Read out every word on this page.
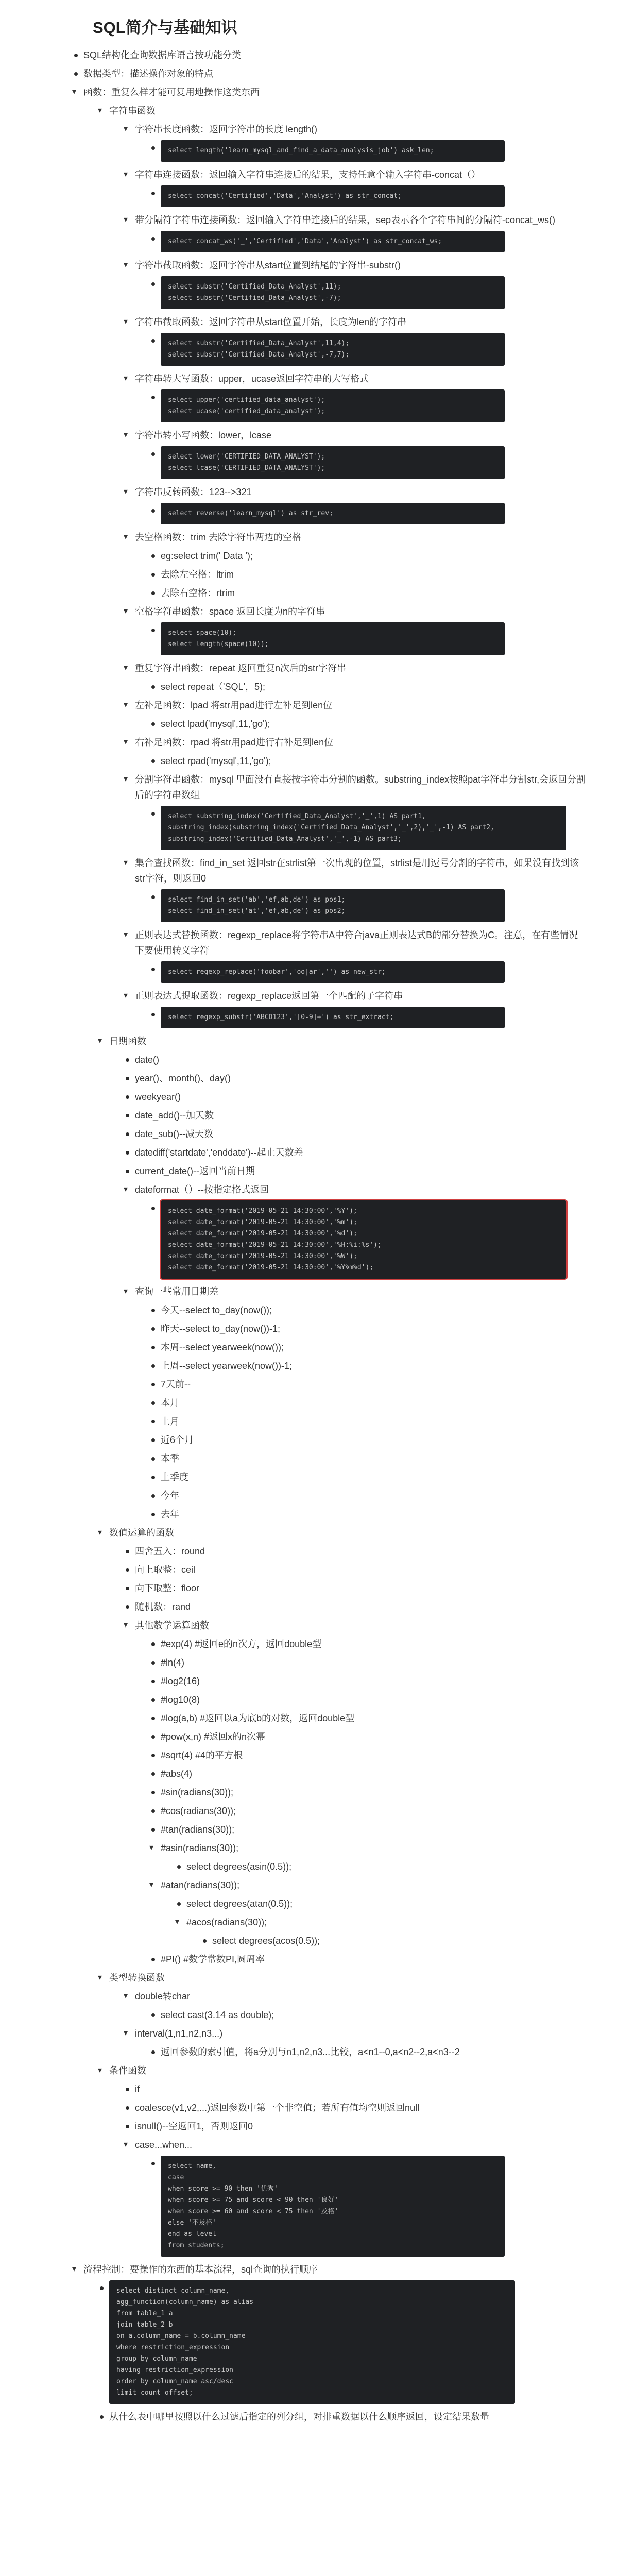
SQL简介与基础知识
SQL结构化查询数据库语言按功能分类
数据类型：描述操作对象的特点
▾ 函数：重复么样才能可复用地操作这类东西
▾ 字符串函数
▾ 字符串长度函数：返回字符串的长度 length()
select length('learn_mysql_and_find_a_data_analysis_job') ask_len;
▾ 字符串连接函数：返回输入字符串连接后的结果，支持任意个输入字符串-concat（）
select concat('Certified','Data','Analyst') as str_concat;
▾ 带分隔符字符串连接函数：返回输入字符串连接后的结果，sep表示各个字符串间的分隔符-concat_ws()
select concat_ws('_','Certified','Data','Analyst') as str_concat_ws;
▾ 字符串截取函数：返回字符串从start位置到结尾的字符串-substr()
select substr('Certified_Data_Analyst',11);
select substr('Certified_Data_Analyst',-7);
▾ 字符串截取函数：返回字符串从start位置开始，长度为len的字符串
select substr('Certified_Data_Analyst',11,4);
select substr('Certified_Data_Analyst',-7,7);
▾ 字符串转大写函数：upper，ucase返回字符串的大写格式
select upper('certified_data_analyst');
select ucase('certified_data_analyst');
▾ 字符串转小写函数：lower，lcase
select lower('CERTIFIED_DATA_ANALYST');
select lcase('CERTIFIED_DATA_ANALYST');
▾ 字符串反转函数：123-->321
select reverse('learn_mysql') as str_rev;
▾ 去空格函数：trim 去除字符串两边的空格
eg:select trim(' Data ');
去除左空格：ltrim
去除右空格：rtrim
▾ 空格字符串函数：space 返回长度为n的字符串
select space(10);
select length(space(10));
▾ 重复字符串函数：repeat 返回重复n次后的str字符串
select repeat（'SQL'，5);
▾ 左补足函数：lpad 将str用pad进行左补足到len位
select lpad('mysql',11,'go');
▾ 右补足函数：rpad 将str用pad进行右补足到len位
select rpad('mysql',11,'go');
▾ 分割字符串函数：mysql 里面没有直接按字符串分割的函数。substring_index按照pat字符串分割str,会返回分割后的字符串数组
select substring_index('Certified_Data_Analyst','_',1) AS part1,
substring_index(substring_index('Certified_Data_Analyst','_',2),'_',-1) AS part2,
substring_index('Certified_Data_Analyst','_',-1) AS part3;
▾ 集合查找函数：find_in_set 返回str在strlist第一次出现的位置，strlist是用逗号分割的字符串，如果没有找到该str字符，则返回0
select find_in_set('ab','ef,ab,de') as pos1;
select find_in_set('at','ef,ab,de') as pos2;
▾ 正则表达式替换函数：regexp_replace将字符串A中符合java正则表达式B的部分替换为C。注意，在有些情况下要使用转义字符
select regexp_replace('foobar','oo|ar','') as new_str;
▾ 正则表达式提取函数：regexp_replace返回第一个匹配的子字符串
select regexp_substr('ABCD123','[0-9]+') as str_extract;
▾ 日期函数
date()
year()、month()、day()
weekyear()
date_add()--加天数
date_sub()--减天数
datediff('startdate','enddate')--起止天数差
current_date()--返回当前日期
▾ dateformat（）--按指定格式返回
select date_format('2019-05-21 14:30:00','%Y');
select date_format('2019-05-21 14:30:00','%m');
select date_format('2019-05-21 14:30:00','%d');
select date_format('2019-05-21 14:30:00','%H:%i:%s');
select date_format('2019-05-21 14:30:00','%W');
select date_format('2019-05-21 14:30:00','%Y%m%d');
▾ 查询一些常用日期差
今天--select to_day(now());
昨天--select to_day(now())-1;
本周--select yearweek(now());
上周--select yearweek(now())-1;
7天前--
本月
上月
近6个月
本季
上季度
今年
去年
▾ 数值运算的函数
四舍五入：round
向上取整：ceil
向下取整：floor
随机数：rand
▾ 其他数学运算函数
#exp(4) #返回e的n次方，返回double型
#ln(4)
#log2(16)
#log10(8)
#log(a,b) #返回以a为底b的对数，返回double型
#pow(x,n) #返回x的n次幂
#sqrt(4) #4的平方根
#abs(4)
#sin(radians(30));
#cos(radians(30));
#tan(radians(30));
▾ #asin(radians(30));
select degrees(asin(0.5));
▾ #atan(radians(30));
select degrees(atan(0.5));
▾ #acos(radians(30));
select degrees(acos(0.5));
#PI() #数学常数PI,圆周率
▾ 类型转换函数
▾ double转char
select cast(3.14 as double);
▾ interval(1,n1,n2,n3...)
返回参数的索引值，将a分别与n1,n2,n3...比较，a<n1--0,a<n2--2,a<n3--2
▾ 条件函数
if
coalesce(v1,v2,...)返回参数中第一个非空值；若所有值均空则返回null
isnull()--空返回1，否则返回0
▾ case...when...
select name,
case
when score >= 90 then '优秀'
when score >= 75 and score < 90 then '良好'
when score >= 60 and score < 75 then '及格'
else '不及格'
end as level
from students;
▾ 流程控制：要操作的东西的基本流程，sql查询的执行顺序
select distinct column_name,
agg_function(column_name) as alias
from table_1 a
join table_2 b
on a.column_name = b.column_name
where restriction_expression
group by column_name
having restriction_expression
order by column_name asc/desc
limit count offset;
从什么表中哪里按照以什么过滤后指定的列分组，对排重数据以什么顺序返回，设定结果数量
